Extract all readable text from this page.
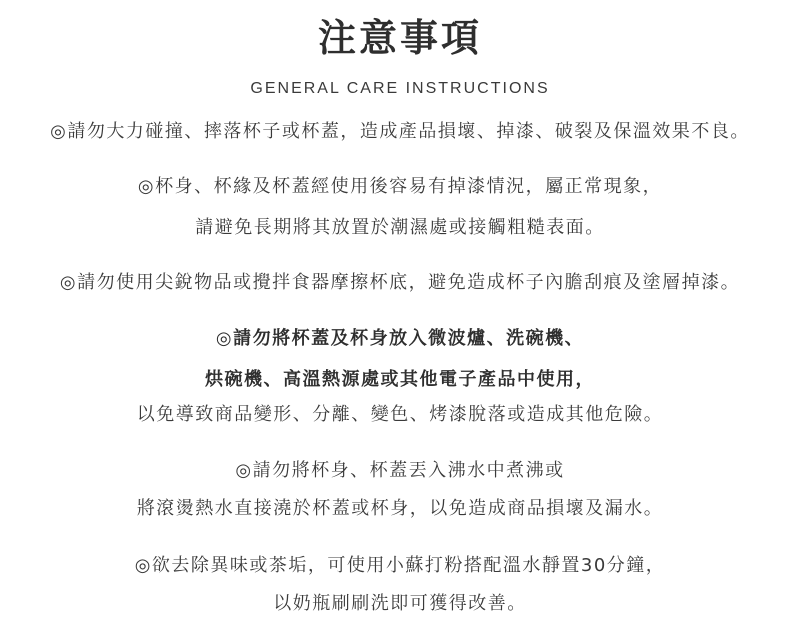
注意事項
GENERAL CARE INSTRUCTIONS
◎請勿大力碰撞、摔落杯子或杯蓋，造成產品損壞、掉漆、破裂及保溫效果不良。
◎杯身、杯緣及杯蓋經使用後容易有掉漆情況，屬正常現象，
請避免長期將其放置於潮濕處或接觸粗糙表面。
◎請勿使用尖銳物品或攪拌食器摩擦杯底，避免造成杯子內膽刮痕及塗層掉漆。
◎請勿將杯蓋及杯身放入微波爐、洗碗機、
烘碗機、高溫熱源處或其他電子產品中使用，
以免導致商品變形、分離、變色、烤漆脫落或造成其他危險。
◎請勿將杯身、杯蓋丟入沸水中煮沸或
將滾燙熱水直接澆於杯蓋或杯身，以免造成商品損壞及漏水。
◎欲去除異味或茶垢，可使用小蘇打粉搭配溫水靜置30分鐘，
以奶瓶刷刷洗即可獲得改善。
